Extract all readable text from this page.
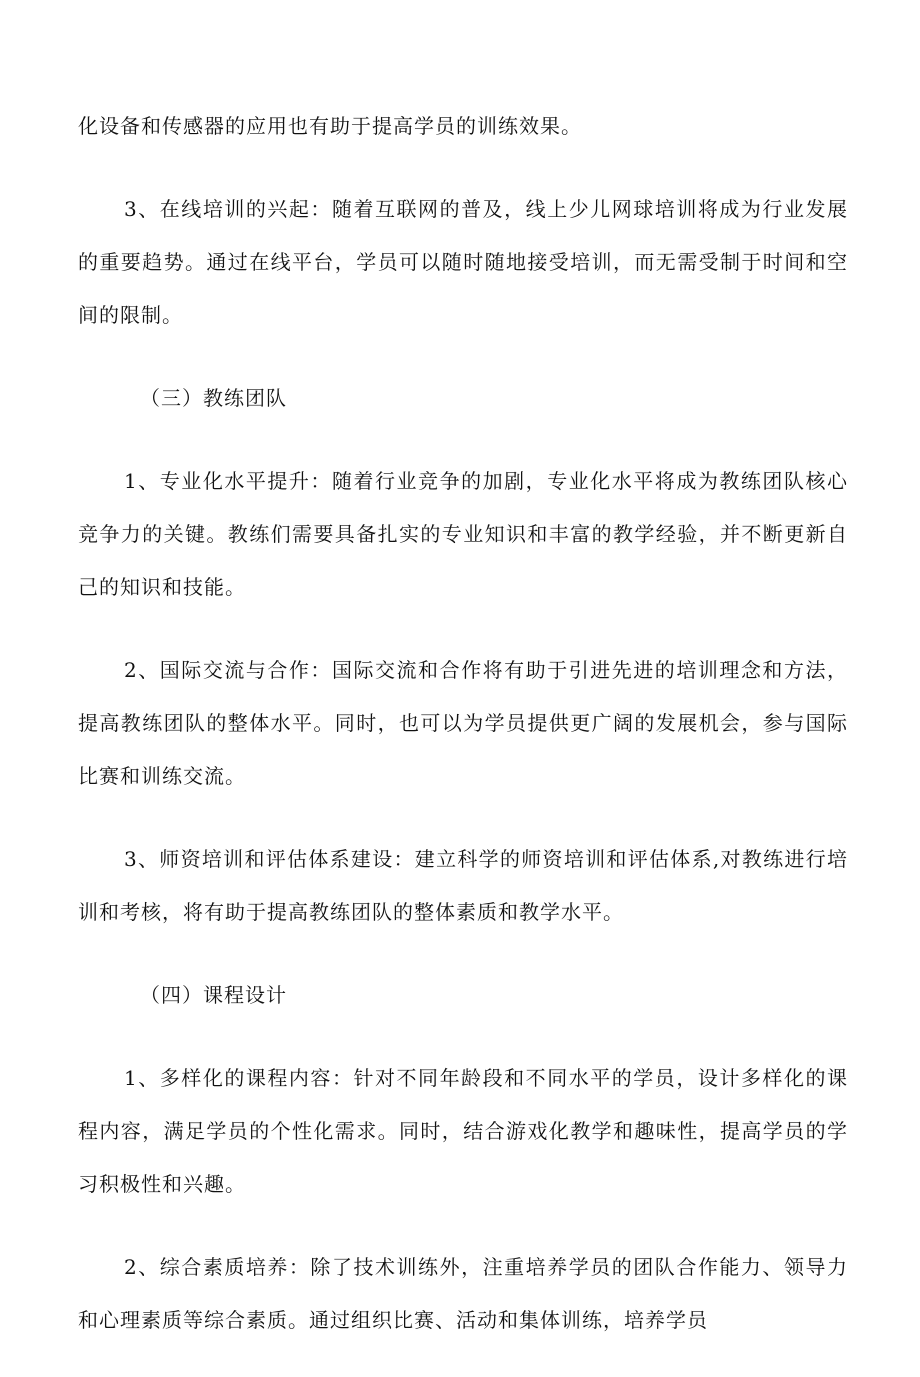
化设备和传感器的应用也有助于提高学员的训练效果。

3、在线培训的兴起：随着互联网的普及，线上少儿网球培训将成为行业发展的重要趋势。通过在线平台，学员可以随时随地接受培训，而无需受制于时间和空间的限制。

（三）教练团队

1、专业化水平提升：随着行业竞争的加剧，专业化水平将成为教练团队核心竞争力的关键。教练们需要具备扎实的专业知识和丰富的教学经验，并不断更新自己的知识和技能。

2、国际交流与合作：国际交流和合作将有助于引进先进的培训理念和方法，提高教练团队的整体水平。同时，也可以为学员提供更广阔的发展机会，参与国际比赛和训练交流。

3、师资培训和评估体系建设：建立科学的师资培训和评估体系,对教练进行培训和考核，将有助于提高教练团队的整体素质和教学水平。

（四）课程设计

1、多样化的课程内容：针对不同年龄段和不同水平的学员，设计多样化的课程内容，满足学员的个性化需求。同时，结合游戏化教学和趣味性，提高学员的学习积极性和兴趣。

2、综合素质培养：除了技术训练外，注重培养学员的团队合作能力、领导力和心理素质等综合素质。通过组织比赛、活动和集体训练，培养学员
